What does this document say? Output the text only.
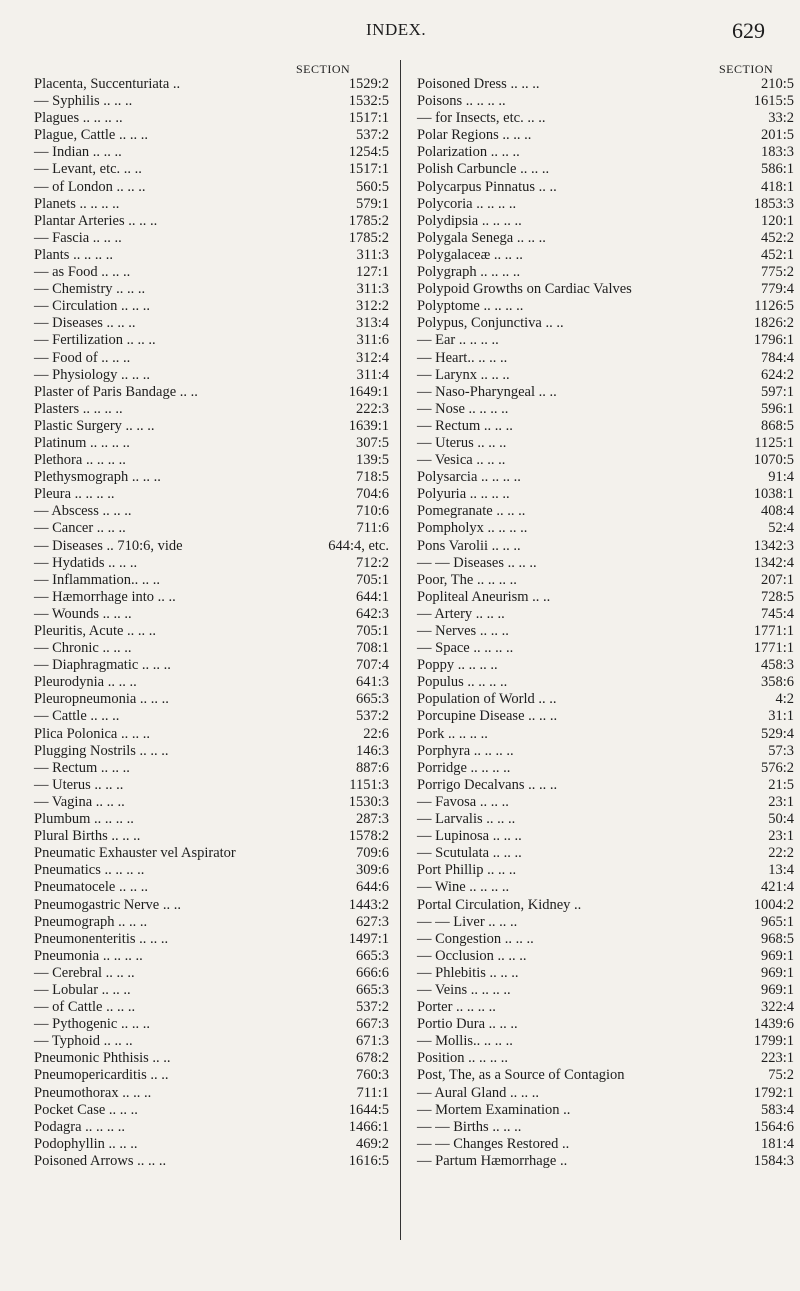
INDEX.	629
SECTION
Placenta, Succenturiata ..	1529:2
— Syphilis .. .. ..	1532:5
Plagues .. .. .. ..	1517:1
Plague, Cattle .. .. ..	537:2
— Indian .. .. ..	1254:5
— Levant, etc. .. ..	1517:1
— of London .. .. ..	560:5
Planets .. .. .. ..	579:1
Plantar Arteries .. .. ..	1785:2
— Fascia .. .. ..	1785:2
Plants .. .. .. ..	311:3
— as Food .. .. ..	127:1
— Chemistry .. .. ..	311:3
— Circulation .. .. ..	312:2
— Diseases .. .. ..	313:4
— Fertilization .. .. ..	311:6
— Food of .. .. ..	312:4
— Physiology .. .. ..	311:4
Plaster of Paris Bandage .. ..	1649:1
Plasters .. .. .. ..	222:3
Plastic Surgery .. .. ..	1639:1
Platinum .. .. .. ..	307:5
Plethora .. .. .. ..	139:5
Plethysmograph .. .. ..	718:5
Pleura .. .. .. ..	704:6
— Abscess .. .. ..	710:6
— Cancer .. .. ..	711:6
— Diseases .. 710:6, vide	644:4, etc.
— Hydatids .. .. ..	712:2
— Inflammation.. .. ..	705:1
— Hæmorrhage into .. ..	644:1
— Wounds .. .. ..	642:3
Pleuritis, Acute .. .. ..	705:1
— Chronic .. .. ..	708:1
— Diaphragmatic .. .. ..	707:4
Pleurodynia .. .. ..	641:3
Pleuropneumonia .. .. ..	665:3
— Cattle .. .. ..	537:2
Plica Polonica .. .. ..	22:6
Plugging Nostrils .. .. ..	146:3
— Rectum .. .. ..	887:6
— Uterus .. .. ..	1151:3
— Vagina .. .. ..	1530:3
Plumbum .. .. .. ..	287:3
Plural Births .. .. ..	1578:2
Pneumatic Exhauster vel Aspirator	709:6
Pneumatics .. .. .. ..	309:6
Pneumatocele .. .. ..	644:6
Pneumogastric Nerve .. ..	1443:2
Pneumograph .. .. ..	627:3
Pneumonenteritis .. .. ..	1497:1
Pneumonia .. .. .. ..	665:3
— Cerebral .. .. ..	666:6
— Lobular .. .. ..	665:3
— of Cattle .. .. ..	537:2
— Pythogenic .. .. ..	667:3
— Typhoid .. .. ..	671:3
Pneumonic Phthisis .. ..	678:2
Pneumopericarditis .. ..	760:3
Pneumothorax .. .. ..	711:1
Pocket Case .. .. ..	1644:5
Podagra .. .. .. ..	1466:1
Podophyllin .. .. ..	469:2
Poisoned Arrows .. .. ..	1616:5
SECTION
Poisoned Dress .. .. ..	210:5
Poisons .. .. .. ..	1615:5
— for Insects, etc. .. ..	33:2
Polar Regions .. .. ..	201:5
Polarization .. .. ..	183:3
Polish Carbuncle .. .. ..	586:1
Polycarpus Pinnatus .. ..	418:1
Polycoria .. .. .. ..	1853:3
Polydipsia .. .. .. ..	120:1
Polygala Senega .. .. ..	452:2
Polygalaceæ .. .. ..	452:1
Polygraph .. .. .. ..	775:2
Polypoid Growths on Cardiac Valves	779:4
Polyptome .. .. .. ..	1126:5
Polypus, Conjunctiva .. ..	1826:2
— Ear .. .. .. ..	1796:1
— Heart.. .. .. ..	784:4
— Larynx .. .. ..	624:2
— Naso-Pharyngeal .. ..	597:1
— Nose .. .. .. ..	596:1
— Rectum .. .. ..	868:5
— Uterus .. .. ..	1125:1
— Vesica .. .. ..	1070:5
Polysarcia .. .. .. ..	91:4
Polyuria .. .. .. ..	1038:1
Pomegranate .. .. ..	408:4
Pompholyx .. .. .. ..	52:4
Pons Varolii .. .. ..	1342:3
— — Diseases .. .. ..	1342:4
Poor, The .. .. .. ..	207:1
Popliteal Aneurism .. ..	728:5
— Artery .. .. ..	745:4
— Nerves .. .. ..	1771:1
— Space .. .. .. ..	1771:1
Poppy .. .. .. ..	458:3
Populus .. .. .. ..	358:6
Population of World .. ..	4:2
Porcupine Disease .. .. ..	31:1
Pork .. .. .. ..	529:4
Porphyra .. .. .. ..	57:3
Porridge .. .. .. ..	576:2
Porrigo Decalvans .. .. ..	21:5
— Favosa .. .. ..	23:1
— Larvalis .. .. ..	50:4
— Lupinosa .. .. ..	23:1
— Scutulata .. .. ..	22:2
Port Phillip .. .. ..	13:4
— Wine .. .. .. ..	421:4
Portal Circulation, Kidney ..	1004:2
— — Liver .. .. ..	965:1
— Congestion .. .. ..	968:5
— Occlusion .. .. ..	969:1
— Phlebitis .. .. ..	969:1
— Veins .. .. .. ..	969:1
Porter .. .. .. ..	322:4
Portio Dura .. .. ..	1439:6
— Mollis.. .. .. ..	1799:1
Position .. .. .. ..	223:1
Post, The, as a Source of Contagion	75:2
— Aural Gland .. .. ..	1792:1
— Mortem Examination ..	583:4
— — Births .. .. ..	1564:6
— — Changes Restored ..	181:4
— Partum Hæmorrhage ..	1584:3
